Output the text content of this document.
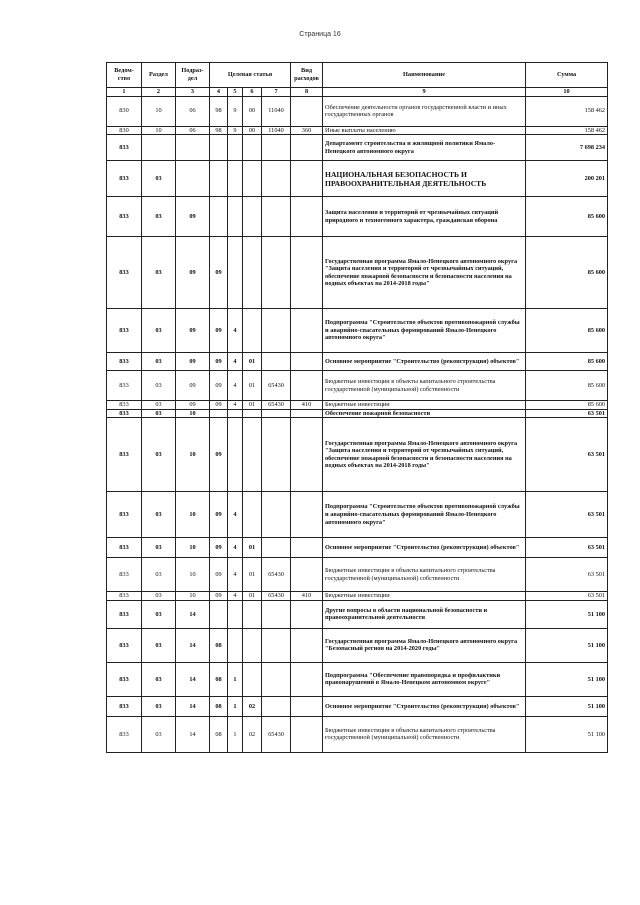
Страница 16
Ведом-
ство	Раздел	Подраз-
дел	Целевая статья				Вид
расходов	Наименование	Сумма
1	2	3	4	5	6	7	8	9	10
830	10	06	98	9	00	11040		Обеспечение деятельности органов государственной власти и иных государственных органов	158 462
830	10	06	98	9	00	11040	360	Иные выплаты населению	158 462
833								Департамент строительства и жилищной политики Ямало-Ненецкого автономного округа	7 698 234
833	03							НАЦИОНАЛЬНАЯ БЕЗОПАСНОСТЬ И ПРАВООХРАНИТЕЛЬНАЯ ДЕЯТЕЛЬНОСТЬ	200 201
833	03	09						Защита населения и территорий от чрезвычайных ситуаций природного и техногенного характера, гражданская оборона	85 600
833	03	09	09					Государственная программа Ямало-Ненецкого автономного округа "Защита населения и территорий от чрезвычайных ситуаций, обеспечение пожарной безопасности и безопасности населения на водных объектах на 2014-2018 годы"	85 600
833	03	09	09	4				Подпрограмма "Строительство объектов противопожарной службы и аварийно-спасательных формирований Ямало-Ненецкого автономного округа"	85 600
833	03	09	09	4	01			Основное мероприятие "Строительство (реконструкция) объектов"	85 600
833	03	09	09	4	01	65430		Бюджетные инвестиции в объекты капитального строительства государственной (муниципальной) собственности	85 600
833	03	09	09	4	01	65430	410	Бюджетные инвестиции	85 600
833	03	10						Обеспечение пожарной безопасности	63 501
833	03	10	09					Государственная программа Ямало-Ненецкого автономного округа "Защита населения и территорий от чрезвычайных ситуаций, обеспечение пожарной безопасности и безопасности населения на водных объектах на 2014-2018 годы"	63 501
833	03	10	09	4				Подпрограмма "Строительство объектов противопожарной службы и аварийно-спасательных формирований Ямало-Ненецкого автономного округа"	63 501
833	03	10	09	4	01			Основное мероприятие "Строительство (реконструкция) объектов"	63 501
833	03	10	09	4	01	65430		Бюджетные инвестиции в объекты капитального строительства государственной (муниципальной) собственности	63 501
833	03	10	09	4	01	65430	410	Бюджетные инвестиции	63 501
833	03	14						Другие вопросы в области национальной безопасности и правоохранительной деятельности	51 100
833	03	14	08					Государственная программа Ямало-Ненецкого автономного округа "Безопасный регион на 2014-2020 годы"	51 100
833	03	14	08	1				Подпрограмма "Обеспечение правопорядка и профилактики правонарушений в Ямало-Ненецком автономном округе"	51 100
833	03	14	08	1	02			Основное мероприятие "Строительство (реконструкция) объектов"	51 100
833	03	14	08	1	02	65430		Бюджетные инвестиции в объекты капитального строительства государственной (муниципальной) собственности	51 100
